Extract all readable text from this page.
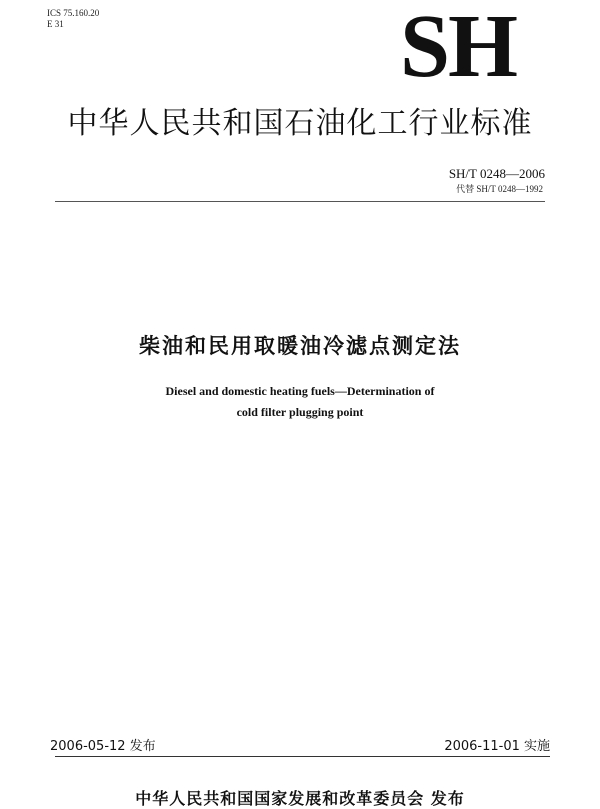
ICS 75.160.20
E 31	SH
中华人民共和国石油化工行业标准
SH/T 0248—2006
代替 SH/T 0248—1992
柴油和民用取暖油冷滤点测定法
Diesel and domestic heating fuels—Determination of
cold filter plugging point
2006-05-12 发布	2006-11-01 实施
中华人民共和国国家发展和改革委员会 发布
